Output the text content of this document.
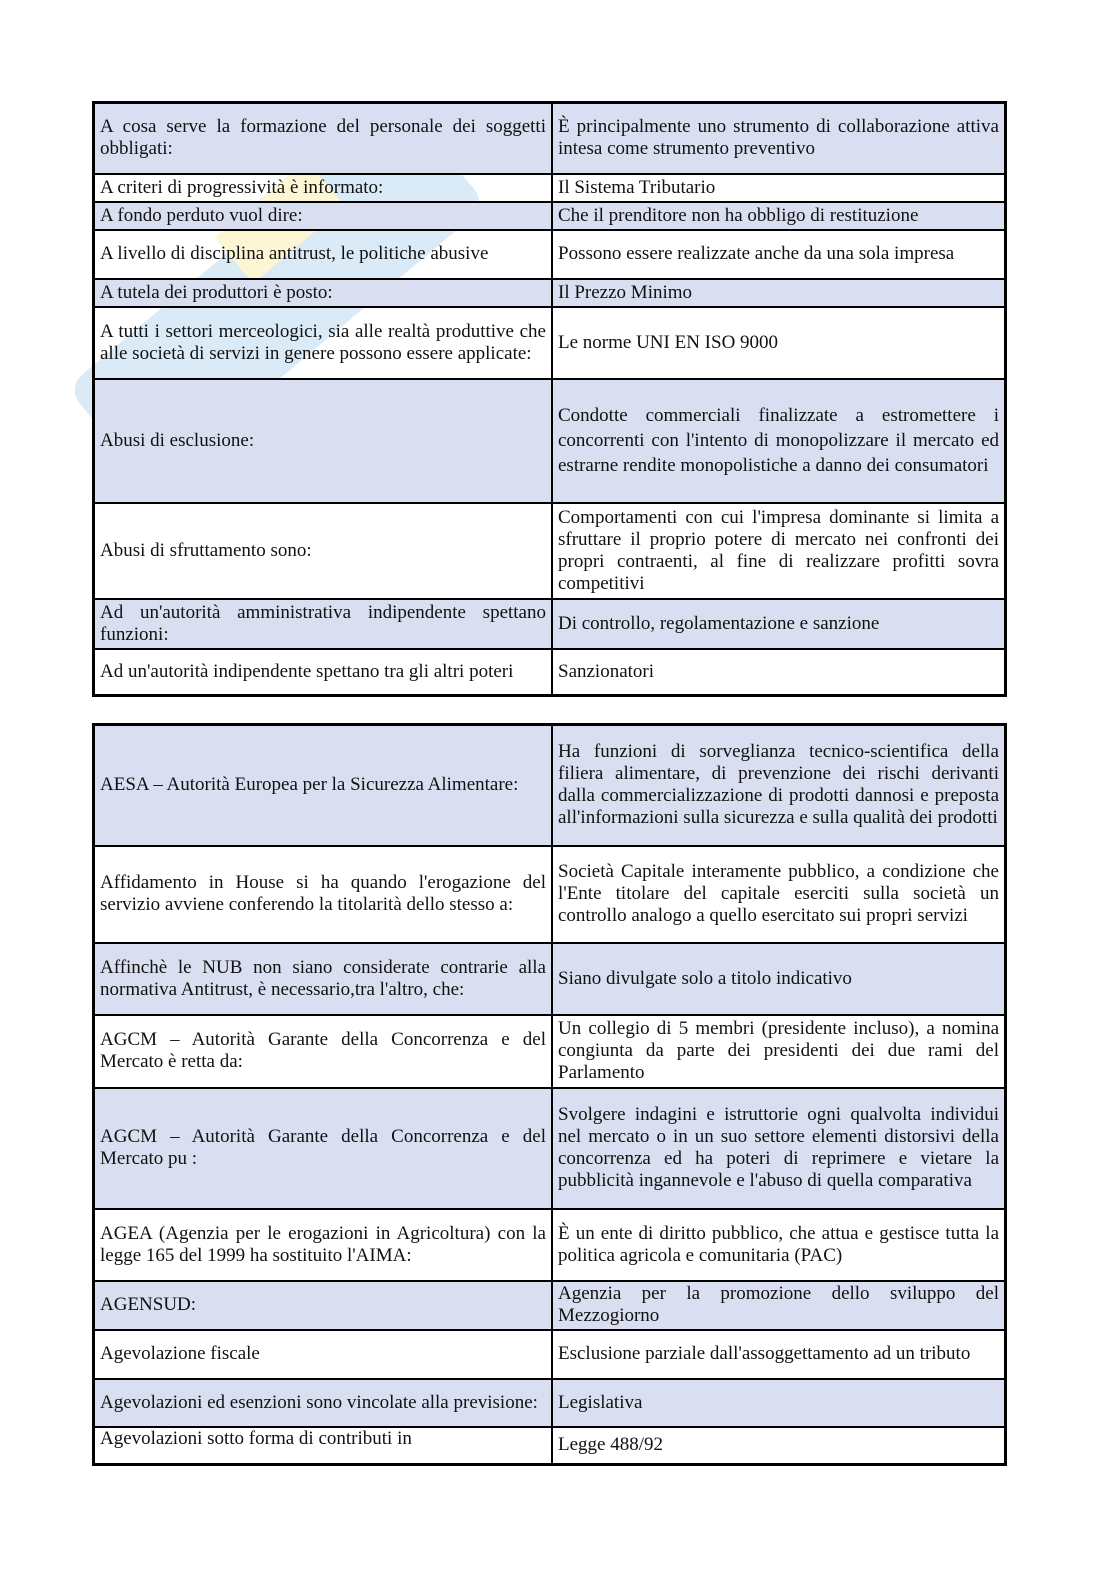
A cosa serve la formazione del personale dei soggetti obbligati:	È principalmente uno strumento di collaborazione attiva intesa come strumento preventivo
A criteri di progressività è informato:	Il Sistema Tributario
A fondo perduto vuol dire:	Che il prenditore non ha obbligo di restituzione
A livello di disciplina antitrust, le politiche abusive	Possono essere realizzate anche da una sola impresa
A tutela dei produttori è posto:	Il Prezzo Minimo
A tutti i settori merceologici, sia alle realtà produttive che alle società di servizi in genere possono essere applicate:	Le norme UNI EN ISO 9000
Abusi di esclusione:	Condotte commerciali finalizzate a estromettere i concorrenti con l'intento di monopolizzare il mercato ed estrarne rendite monopolistiche a danno dei consumatori
Abusi di sfruttamento sono:	Comportamenti con cui l'impresa dominante si limita a sfruttare il proprio potere di mercato nei confronti dei propri contraenti, al fine di realizzare profitti sovra competitivi
Ad un'autorità amministrativa indipendente spettano funzioni:	Di controllo, regolamentazione e sanzione
Ad un'autorità indipendente spettano tra gli altri poteri	Sanzionatori
AESA – Autorità Europea per la Sicurezza Alimentare:	Ha funzioni di sorveglianza tecnico-scientifica della filiera alimentare, di prevenzione dei rischi derivanti dalla commercializzazione di prodotti dannosi e preposta all'informazioni sulla sicurezza e sulla qualità dei prodotti
Affidamento in House si ha quando l'erogazione del servizio avviene conferendo la titolarità dello stesso a:	Società Capitale interamente pubblico, a condizione che l'Ente titolare del capitale eserciti sulla società un controllo analogo a quello esercitato sui propri servizi
Affinchè le NUB non siano considerate contrarie alla normativa Antitrust, è necessario,tra l'altro, che:	Siano divulgate solo a titolo indicativo
AGCM – Autorità Garante della Concorrenza e del Mercato è retta da:	Un collegio di 5 membri (presidente incluso), a nomina congiunta da parte dei presidenti dei due rami del Parlamento
AGCM – Autorità Garante della Concorrenza e del Mercato pu :	Svolgere indagini e istruttorie ogni qualvolta individui nel mercato o in un suo settore elementi distorsivi della concorrenza ed ha poteri di reprimere e vietare la pubblicità ingannevole e l'abuso di quella comparativa
AGEA (Agenzia per le erogazioni in Agricoltura) con la legge 165 del 1999 ha sostituito l'AIMA:	È un ente di diritto pubblico, che attua e gestisce tutta la politica agricola e comunitaria (PAC)
AGENSUD:	Agenzia per la promozione dello sviluppo del Mezzogiorno
Agevolazione fiscale	Esclusione parziale dall'assoggettamento ad un tributo
Agevolazioni ed esenzioni sono vincolate alla previsione:	Legislativa
Agevolazioni sotto forma di contributi in	Legge 488/92
